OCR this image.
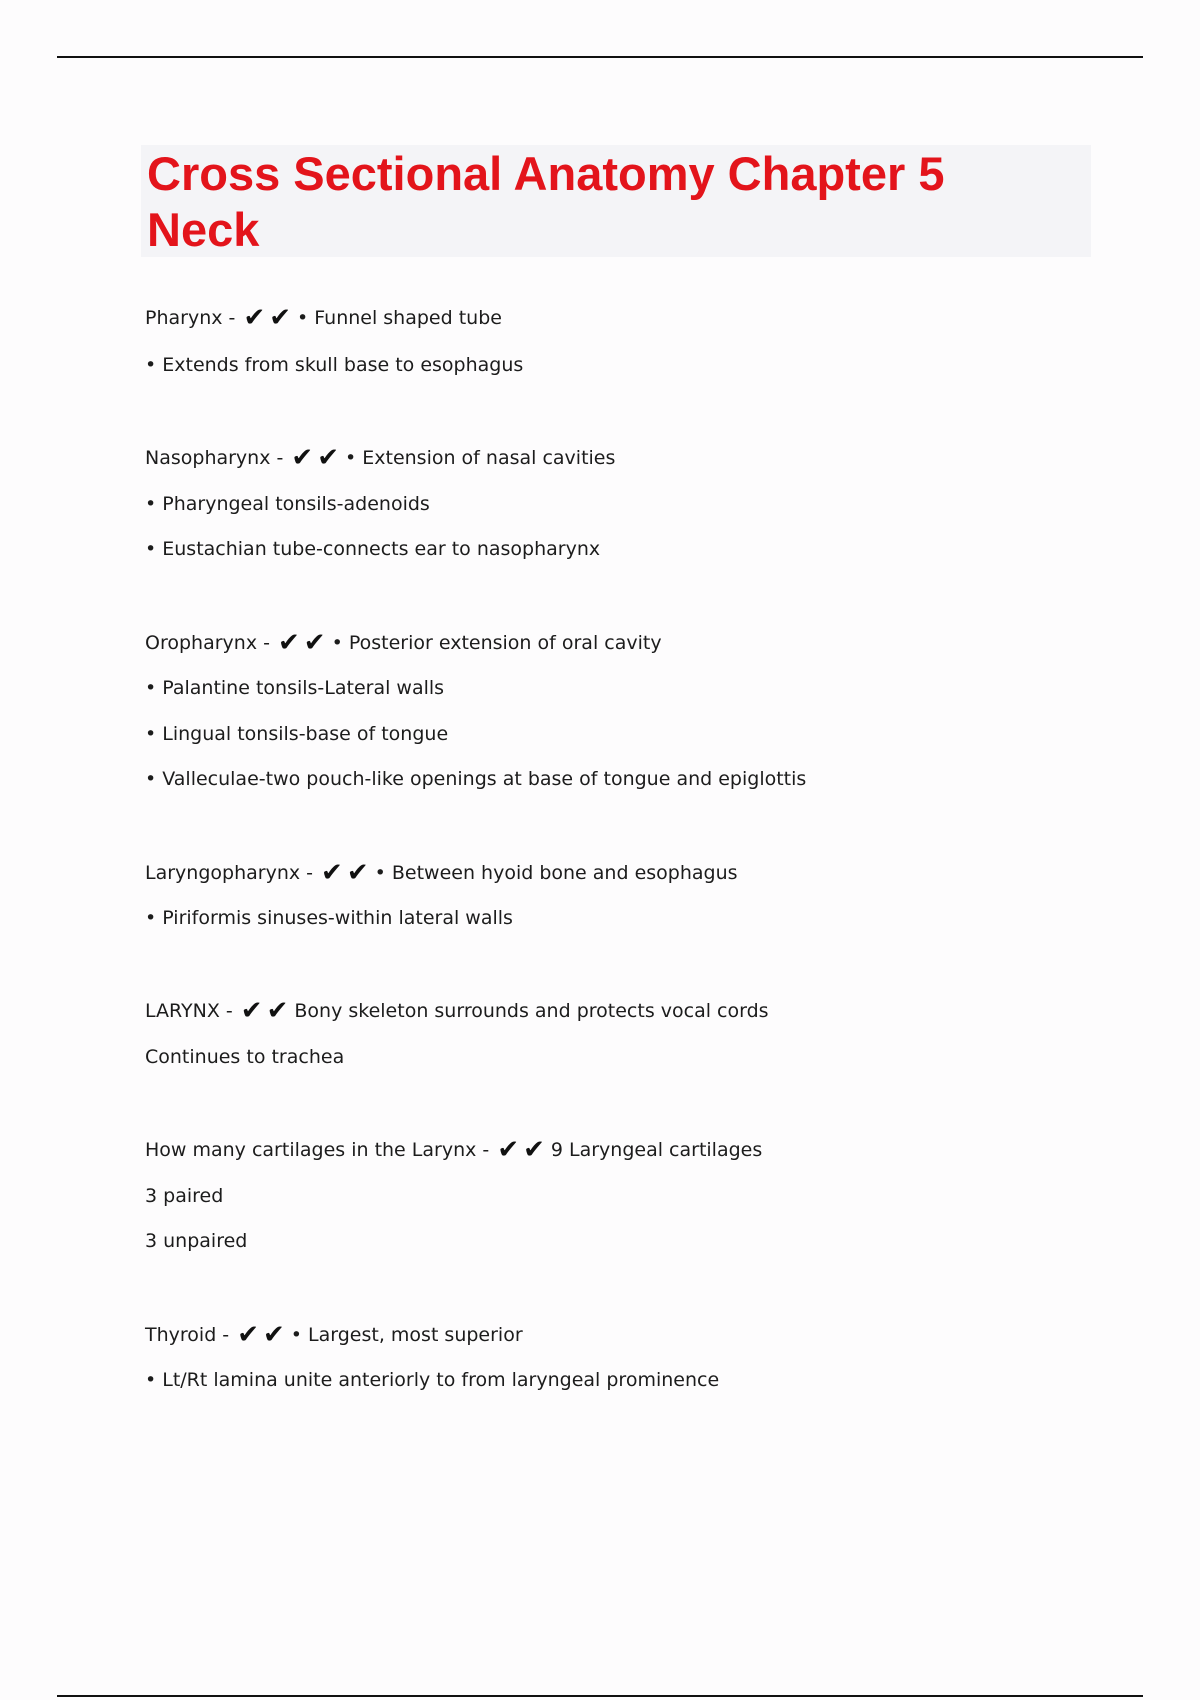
Cross Sectional Anatomy Chapter 5 Neck

Pharynx - ✔✔ • Funnel shaped tube

• Extends from skull base to esophagus

Nasopharynx - ✔✔ • Extension of nasal cavities

• Pharyngeal tonsils-adenoids

• Eustachian tube-connects ear to nasopharynx

Oropharynx - ✔✔ • Posterior extension of oral cavity

• Palantine tonsils-Lateral walls

• Lingual tonsils-base of tongue

• Valleculae-two pouch-like openings at base of tongue and epiglottis

Laryngopharynx - ✔✔ • Between hyoid bone and esophagus

• Piriformis sinuses-within lateral walls

LARYNX - ✔✔ Bony skeleton surrounds and protects vocal cords

Continues to trachea

How many cartilages in the Larynx - ✔✔ 9 Laryngeal cartilages

3 paired

3 unpaired

Thyroid - ✔✔ • Largest, most superior

• Lt/Rt lamina unite anteriorly to from laryngeal prominence
